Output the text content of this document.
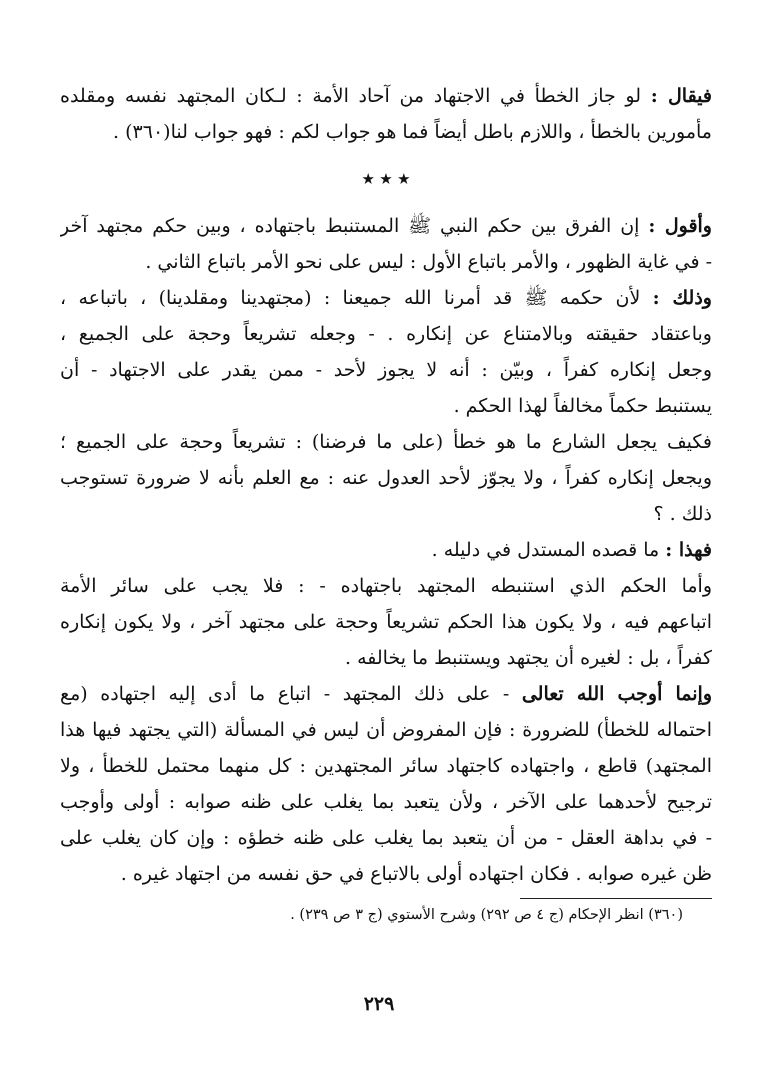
فيقال : لو جاز الخطأ في الاجتهاد من آحاد الأمة : لـكان المجتهد نفسه ومقلده
مأمورين بالخطأ ، واللازم باطل أيضاً فما هو جواب لكم : فهو جواب لنا(٣٦٠) .
٭ ٭ ٭
وأقول : إن الفرق بين حكم النبي ﷺ المستنبط باجتهاده ، وبين حكم مجتهد آخر
- في غاية الظهور ، والأمر باتباع الأول : ليس على نحو الأمر باتباع الثاني .
وذلك : لأن حكمه ﷺ قد أمرنا الله جميعنا : (مجتهدينا ومقلدينا) ، باتباعه ،
وباعتقاد حقيقته وبالامتناع عن إنكاره . - وجعله تشريعاً وحجة على الجميع ،
وجعل إنكاره كفراً ، وبيّن : أنه لا يجوز لأحد - ممن يقدر على الاجتهاد - أن
يستنبط حكماً مخالفاً لهذا الحكم .
فكيف يجعل الشارع ما هو خطأ (على ما فرضنا) : تشريعاً وحجة على الجميع ؛
ويجعل إنكاره كفراً ، ولا يجوّز لأحد العدول عنه : مع العلم بأنه لا ضرورة تستوجب
ذلك . ؟
فهذا : ما قصده المستدل في دليله .
وأما الحكم الذي استنبطه المجتهد باجتهاده - : فلا يجب على سائر الأمة
اتباعهم فيه ، ولا يكون هذا الحكم تشريعاً وحجة على مجتهد آخر ، ولا يكون إنكاره
كفراً ، بل : لغيره أن يجتهد ويستنبط ما يخالفه .
وإنما أوجب الله تعالى - على ذلك المجتهد - اتباع ما أدى إليه اجتهاده (مع
احتماله للخطأ) للضرورة : فإن المفروض أن ليس في المسألة (التي يجتهد فيها هذا
المجتهد) قاطع ، واجتهاده كاجتهاد سائر المجتهدين : كل منهما محتمل للخطأ ، ولا
ترجيح لأحدهما على الآخر ، ولأن يتعبد بما يغلب على ظنه صوابه : أولى وأوجب
- في بداهة العقل - من أن يتعبد بما يغلب على ظنه خطؤه : وإن كان يغلب على
ظن غيره صوابه . فكان اجتهاده أولى بالاتباع في حق نفسه من اجتهاد غيره .
(٣٦٠) انظر الإحكام (ج ٤ ص ٢٩٢) وشرح الأستوي (ج ٣ ص ٢٣٩) .
٢٢٩
